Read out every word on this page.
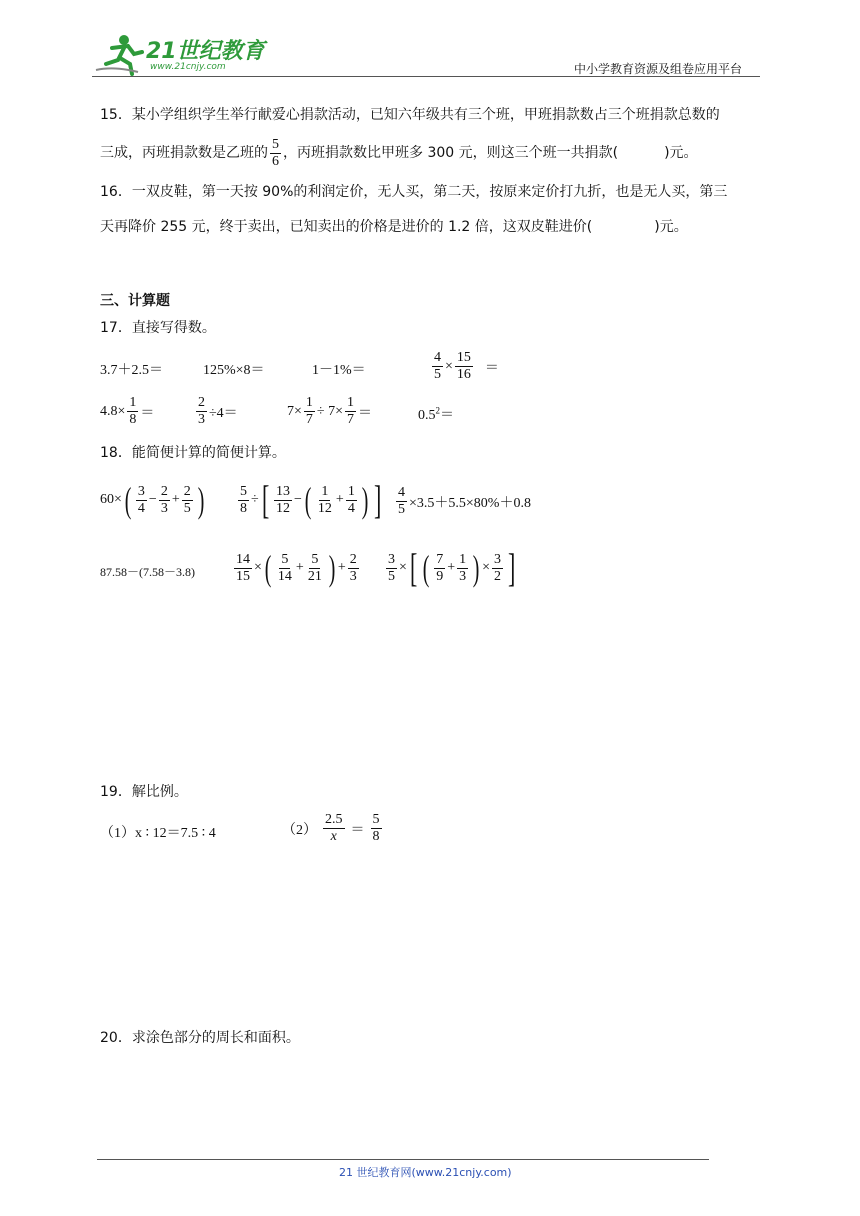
21世纪教育
www.21cnjy.com	中小学教育资源及组卷应用平台
15．某小学组织学生举行献爱心捐款活动，已知六年级共有三个班，甲班捐款数占三个班捐款总数的
三成，丙班捐款数是乙班的 $\frac{5}{6}$ ，丙班捐款数比甲班多 300 元，则这三个班一共捐款(	)元。
16．一双皮鞋，第一天按 90%的利润定价，无人买，第二天，按原来定价打九折，也是无人买，第三
天再降价 255 元，终于卖出，已知卖出的价格是进价的 1.2 倍，这双皮鞋进价(	)元。
三、计算题
17．直接写得数。
3.7＋2.5＝	125%×8＝	1－1%＝	$\frac{4}{5} \times \frac{15}{16}$ ＝
$4.8\times \frac{1}{8}$ ＝	$\frac{2}{3} \div 4=$	$7\times \frac{1}{7} \div 7\times \frac{1}{7}$ ＝	$0.5^2=$
18．能简便计算的简便计算。
60× ( $\frac{3}{4} - \frac{2}{3} + \frac{2}{5}$ ) $\frac{5}{8}$ ÷ [ $\frac{13}{12}$ − ( $\frac{1}{12} + \frac{1}{4}$ ) ] $\frac{4}{5} \times 3.5+5.5\times 80\%+0.8$
87.58－(7.58－3.8)	$\frac{14}{15}$ × ( $\frac{5}{14} + \frac{5}{21}$ ) + $\frac{2}{3} \frac{3}{5}$ × [ ( $\frac{7}{9} + \frac{1}{3}$ ) × $\frac{3}{2}$ ]
19．解比例。
（1）x ∶ 12＝7.5 ∶ 4	$(2) \frac{2.5}{x} = \frac{5}{8}$
20．求涂色部分的周长和面积。
21 世纪教育网(www.21cnjy.com)
